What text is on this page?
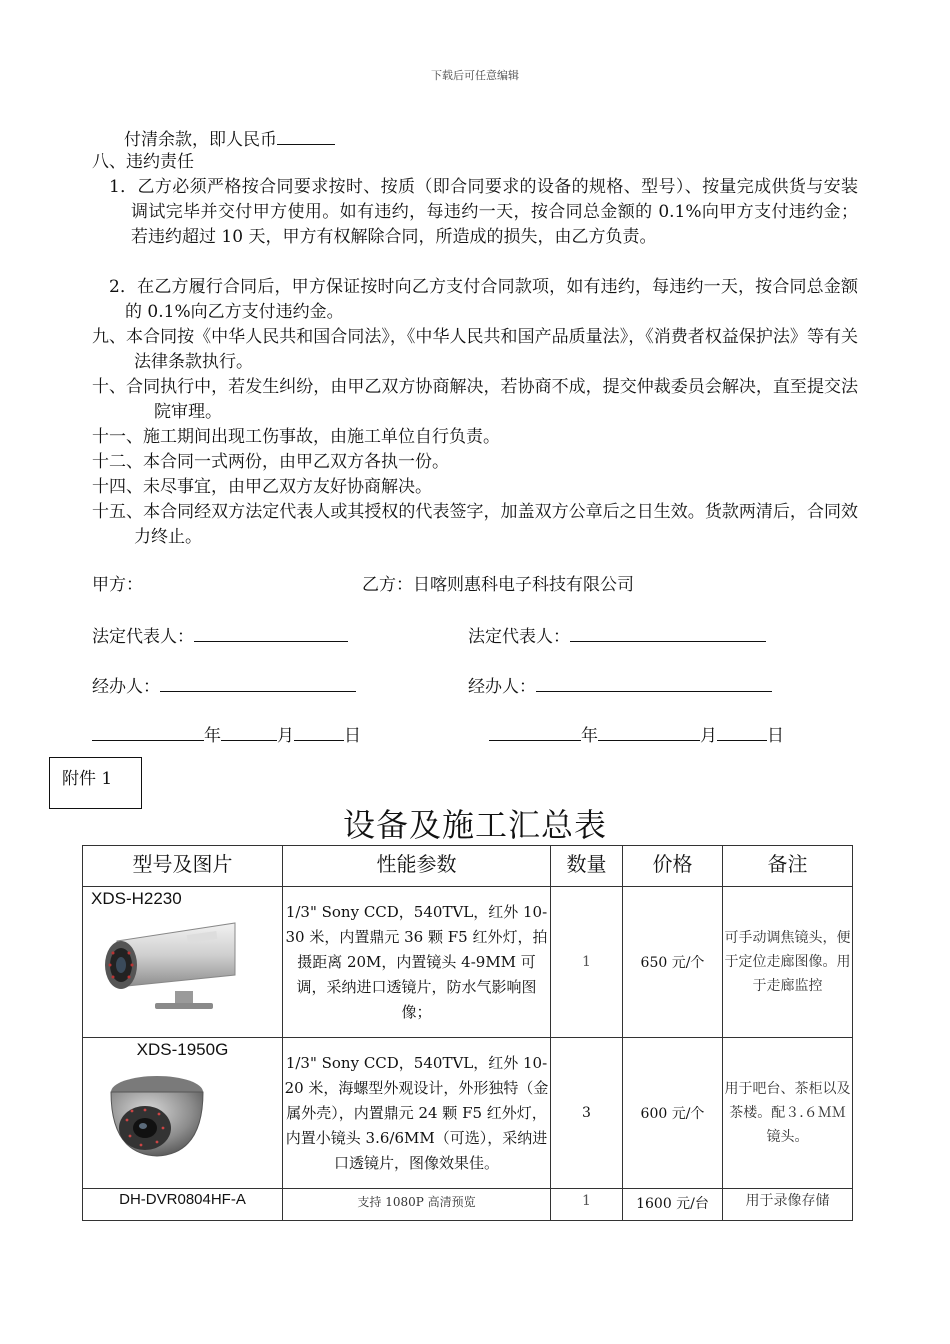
下载后可任意编辑
付清余款，即人民币
八、违约责任
1．乙方必须严格按合同要求按时、按质（即合同要求的设备的规格、型号）、按量完成供货与安装调试完毕并交付甲方使用。如有违约，每违约一天，按合同总金额的 0.1%向甲方支付违约金；若违约超过 10 天，甲方有权解除合同，所造成的损失，由乙方负责。
2．在乙方履行合同后，甲方保证按时向乙方支付合同款项，如有违约，每违约一天，按合同总金额的 0.1%向乙方支付违约金。
九、本合同按《中华人民共和国合同法》，《中华人民共和国产品质量法》，《消费者权益保护法》等有关法律条款执行。
十、合同执行中，若发生纠纷，由甲乙双方协商解决，若协商不成，提交仲裁委员会解决，直至提交法院审理。
十一、施工期间出现工伤事故，由施工单位自行负责。
十二、本合同一式两份，由甲乙双方各执一份。
十四、未尽事宜，由甲乙双方友好协商解决。
十五、本合同经双方法定代表人或其授权的代表签字，加盖双方公章后之日生效。货款两清后，合同效力终止。
甲方：	乙方：日喀则惠科电子科技有限公司
法定代表人：	法定代表人：
经办人：	经办人：
年	月	日	年	月	日
附件 1
设备及施工汇总表
型号及图片	性能参数	数量	价格	备注

XDS-H2230	1/3" Sony CCD，540TVL，红外 10-30 米，内置鼎元 36 颗 F5 红外灯，拍摄距离 20M，内置镜头 4-9MM 可调，采纳进口透镜片，防水气影响图像；	1	650 元/个	可手动调焦镜头，便于定位走廊图像。用于走廊监控

XDS-1950G	1/3" Sony CCD，540TVL，红外 10-20 米，海螺型外观设计，外形独特（金属外壳），内置鼎元 24 颗 F5 红外灯，内置小镜头 3.6/6MM（可选），采纳进口透镜片，图像效果佳。	3	600 元/个	用于吧台、茶柜以及茶楼。配３.６ＭＭ镜头。
DH-DVR0804HF-A	支持 1080P 高清预览	1	1600 元/台	用于录像存储
